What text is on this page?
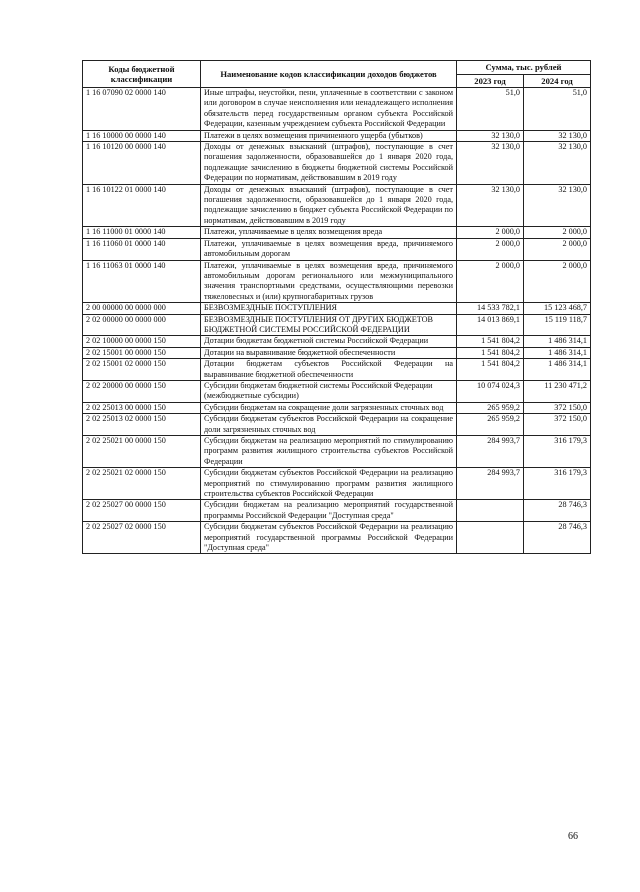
Коды бюджетной классификации	Наименование кодов классификации доходов бюджетов	Сумма, тыс. рублей	
		2023 год	2024 год
1 16 07090 02 0000 140	Иные штрафы, неустойки, пени, уплаченные в соответствии с законом или договором в случае неисполнения или ненадлежащего исполнения обязательств перед государственным органом субъекта Российской Федерации, казенным учреждением субъекта Российской Федерации	51,0	51,0
1 16 10000 00 0000 140	Платежи в целях возмещения причиненного ущерба (убытков)	32 130,0	32 130,0
1 16 10120 00 0000 140	Доходы от денежных взысканий (штрафов), поступающие в счет погашения задолженности, образовавшейся до 1 января 2020 года, подлежащие зачислению в бюджеты бюджетной системы Российской Федерации по нормативам, действовавшим в 2019 году	32 130,0	32 130,0
1 16 10122 01 0000 140	Доходы от денежных взысканий (штрафов), поступающие в счет погашения задолженности, образовавшейся до 1 января 2020 года, подлежащие зачислению в бюджет субъекта Российской Федерации по нормативам, действовавшим в 2019 году	32 130,0	32 130,0
1 16 11000 01 0000 140	Платежи, уплачиваемые в целях возмещения вреда	2 000,0	2 000,0
1 16 11060 01 0000 140	Платежи, уплачиваемые в целях возмещения вреда, причиняемого автомобильным дорогам	2 000,0	2 000,0
1 16 11063 01 0000 140	Платежи, уплачиваемые в целях возмещения вреда, причиняемого автомобильным дорогам регионального или межмуниципального значения транспортными средствами, осуществляющими перевозки тяжеловесных и (или) крупногабаритных грузов	2 000,0	2 000,0
2 00 00000 00 0000 000	БЕЗВОЗМЕЗДНЫЕ ПОСТУПЛЕНИЯ	14 533 782,1	15 123 468,7
2 02 00000 00 0000 000	БЕЗВОЗМЕЗДНЫЕ ПОСТУПЛЕНИЯ ОТ ДРУГИХ БЮДЖЕТОВ БЮДЖЕТНОЙ СИСТЕМЫ РОССИЙСКОЙ ФЕДЕРАЦИИ	14 013 869,1	15 119 118,7
2 02 10000 00 0000 150	Дотации бюджетам бюджетной системы Российской Федерации	1 541 804,2	1 486 314,1
2 02 15001 00 0000 150	Дотации на выравнивание бюджетной обеспеченности	1 541 804,2	1 486 314,1
2 02 15001 02 0000 150	Дотации бюджетам субъектов Российской Федерации на выравнивание бюджетной обеспеченности	1 541 804,2	1 486 314,1
2 02 20000 00 0000 150	Субсидии бюджетам бюджетной системы Российской Федерации (межбюджетные субсидии)	10 074 024,3	11 230 471,2
2 02 25013 00 0000 150	Субсидии бюджетам на сокращение доли загрязненных сточных вод	265 959,2	372 150,0
2 02 25013 02 0000 150	Субсидии бюджетам субъектов Российской Федерации на сокращение доли загрязненных сточных вод	265 959,2	372 150,0
2 02 25021 00 0000 150	Субсидии бюджетам на реализацию мероприятий по стимулированию программ развития жилищного строительства субъектов Российской Федерации	284 993,7	316 179,3
2 02 25021 02 0000 150	Субсидии бюджетам субъектов Российской Федерации на реализацию мероприятий по стимулированию программ развития жилищного строительства субъектов Российской Федерации	284 993,7	316 179,3
2 02 25027 00 0000 150	Субсидии бюджетам на реализацию мероприятий государственной программы Российской Федерации "Доступная среда"		28 746,3
2 02 25027 02 0000 150	Субсидии бюджетам субъектов Российской Федерации на реализацию мероприятий государственной программы Российской Федерации "Доступная среда"		28 746,3
66
